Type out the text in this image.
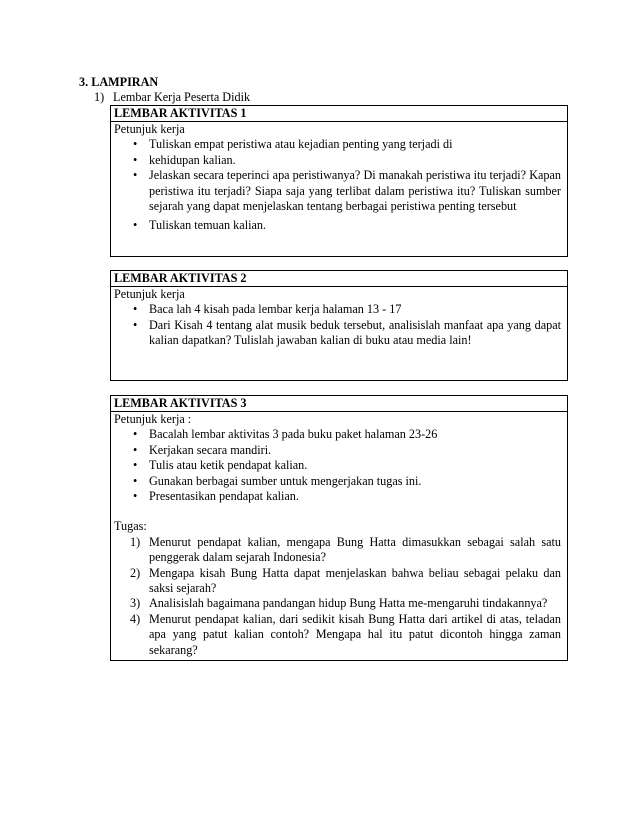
3. LAMPIRAN
1) Lembar Kerja Peserta Didik
LEMBAR AKTIVITAS 1
Petunjuk kerja
• Tuliskan empat peristiwa atau kejadian penting yang terjadi di
• kehidupan kalian.
• Jelaskan secara teperinci apa peristiwanya? Di manakah peristiwa itu terjadi? Kapan peristiwa itu terjadi? Siapa saja yang terlibat dalam peristiwa itu? Tuliskan sumber sejarah yang dapat menjelaskan tentang berbagai peristiwa penting tersebut
• Tuliskan temuan kalian.
LEMBAR AKTIVITAS 2
Petunjuk kerja
• Baca lah 4 kisah pada lembar kerja halaman 13 - 17
• Dari Kisah 4 tentang alat musik beduk tersebut, analisislah manfaat apa yang dapat kalian dapatkan? Tulislah jawaban kalian di buku atau media lain!
LEMBAR AKTIVITAS 3
Petunjuk kerja :
• Bacalah lembar aktivitas 3 pada buku paket halaman 23-26
• Kerjakan secara mandiri.
• Tulis atau ketik pendapat kalian.
• Gunakan berbagai sumber untuk mengerjakan tugas ini.
• Presentasikan pendapat kalian.
Tugas:
1) Menurut pendapat kalian, mengapa Bung Hatta dimasukkan sebagai salah satu penggerak dalam sejarah Indonesia?
2) Mengapa kisah Bung Hatta dapat menjelaskan bahwa beliau sebagai pelaku dan saksi sejarah?
3) Analisislah bagaimana pandangan hidup Bung Hatta me-mengaruhi tindakannya?
4) Menurut pendapat kalian, dari sedikit kisah Bung Hatta dari artikel di atas, teladan apa yang patut kalian contoh? Mengapa hal itu patut dicontoh hingga zaman sekarang?
